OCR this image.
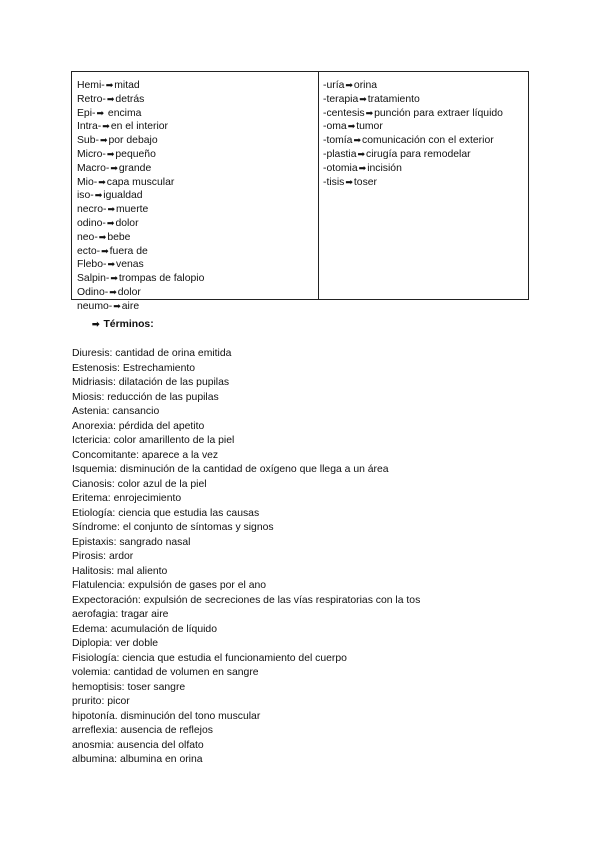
Hemi-➡mitad
Retro-➡detrás
Epi-➡ encima
Intra-➡en el interior
Sub-➡por debajo
Micro-➡pequeño
Macro-➡grande
Mio-➡capa muscular
iso-➡igualdad
necro-➡muerte
odino-➡dolor
neo-➡bebe
ecto-➡fuera de
Flebo-➡venas
Salpin-➡trompas de falopio
Odino-➡dolor
neumo-➡aire
-uría➡orina
-terapia➡tratamiento
-centesis➡punción para extraer líquido
-oma➡tumor
-tomía➡comunicación con el exterior
-plastia➡cirugía para remodelar
-otomia➡incisión
-tisis➡toser
➡ Términos:
Diuresis: cantidad de orina emitida
Estenosis: Estrechamiento
Midriasis: dilatación de las pupilas
Miosis: reducción de las pupilas
Astenia: cansancio
Anorexia: pérdida del apetito
Ictericia: color amarillento de la piel
Concomitante: aparece a la vez
Isquemia: disminución de la cantidad de oxígeno que llega a un área
Cianosis: color azul de la piel
Eritema: enrojecimiento
Etiología: ciencia que estudia las causas
Síndrome: el conjunto de síntomas y signos
Epistaxis: sangrado nasal
Pirosis: ardor
Halitosis: mal aliento
Flatulencia: expulsión de gases por el ano
Expectoración: expulsión de secreciones de las vías respiratorias con la tos
aerofagia: tragar aire
Edema: acumulación de líquido
Diplopia: ver doble
Fisiología: ciencia que estudia el funcionamiento del cuerpo
volemia: cantidad de volumen en sangre
hemoptisis: toser sangre
prurito: picor
hipotonía. disminución del tono muscular
arreflexia: ausencia de reflejos
anosmia: ausencia del olfato
albumina: albumina en orina
